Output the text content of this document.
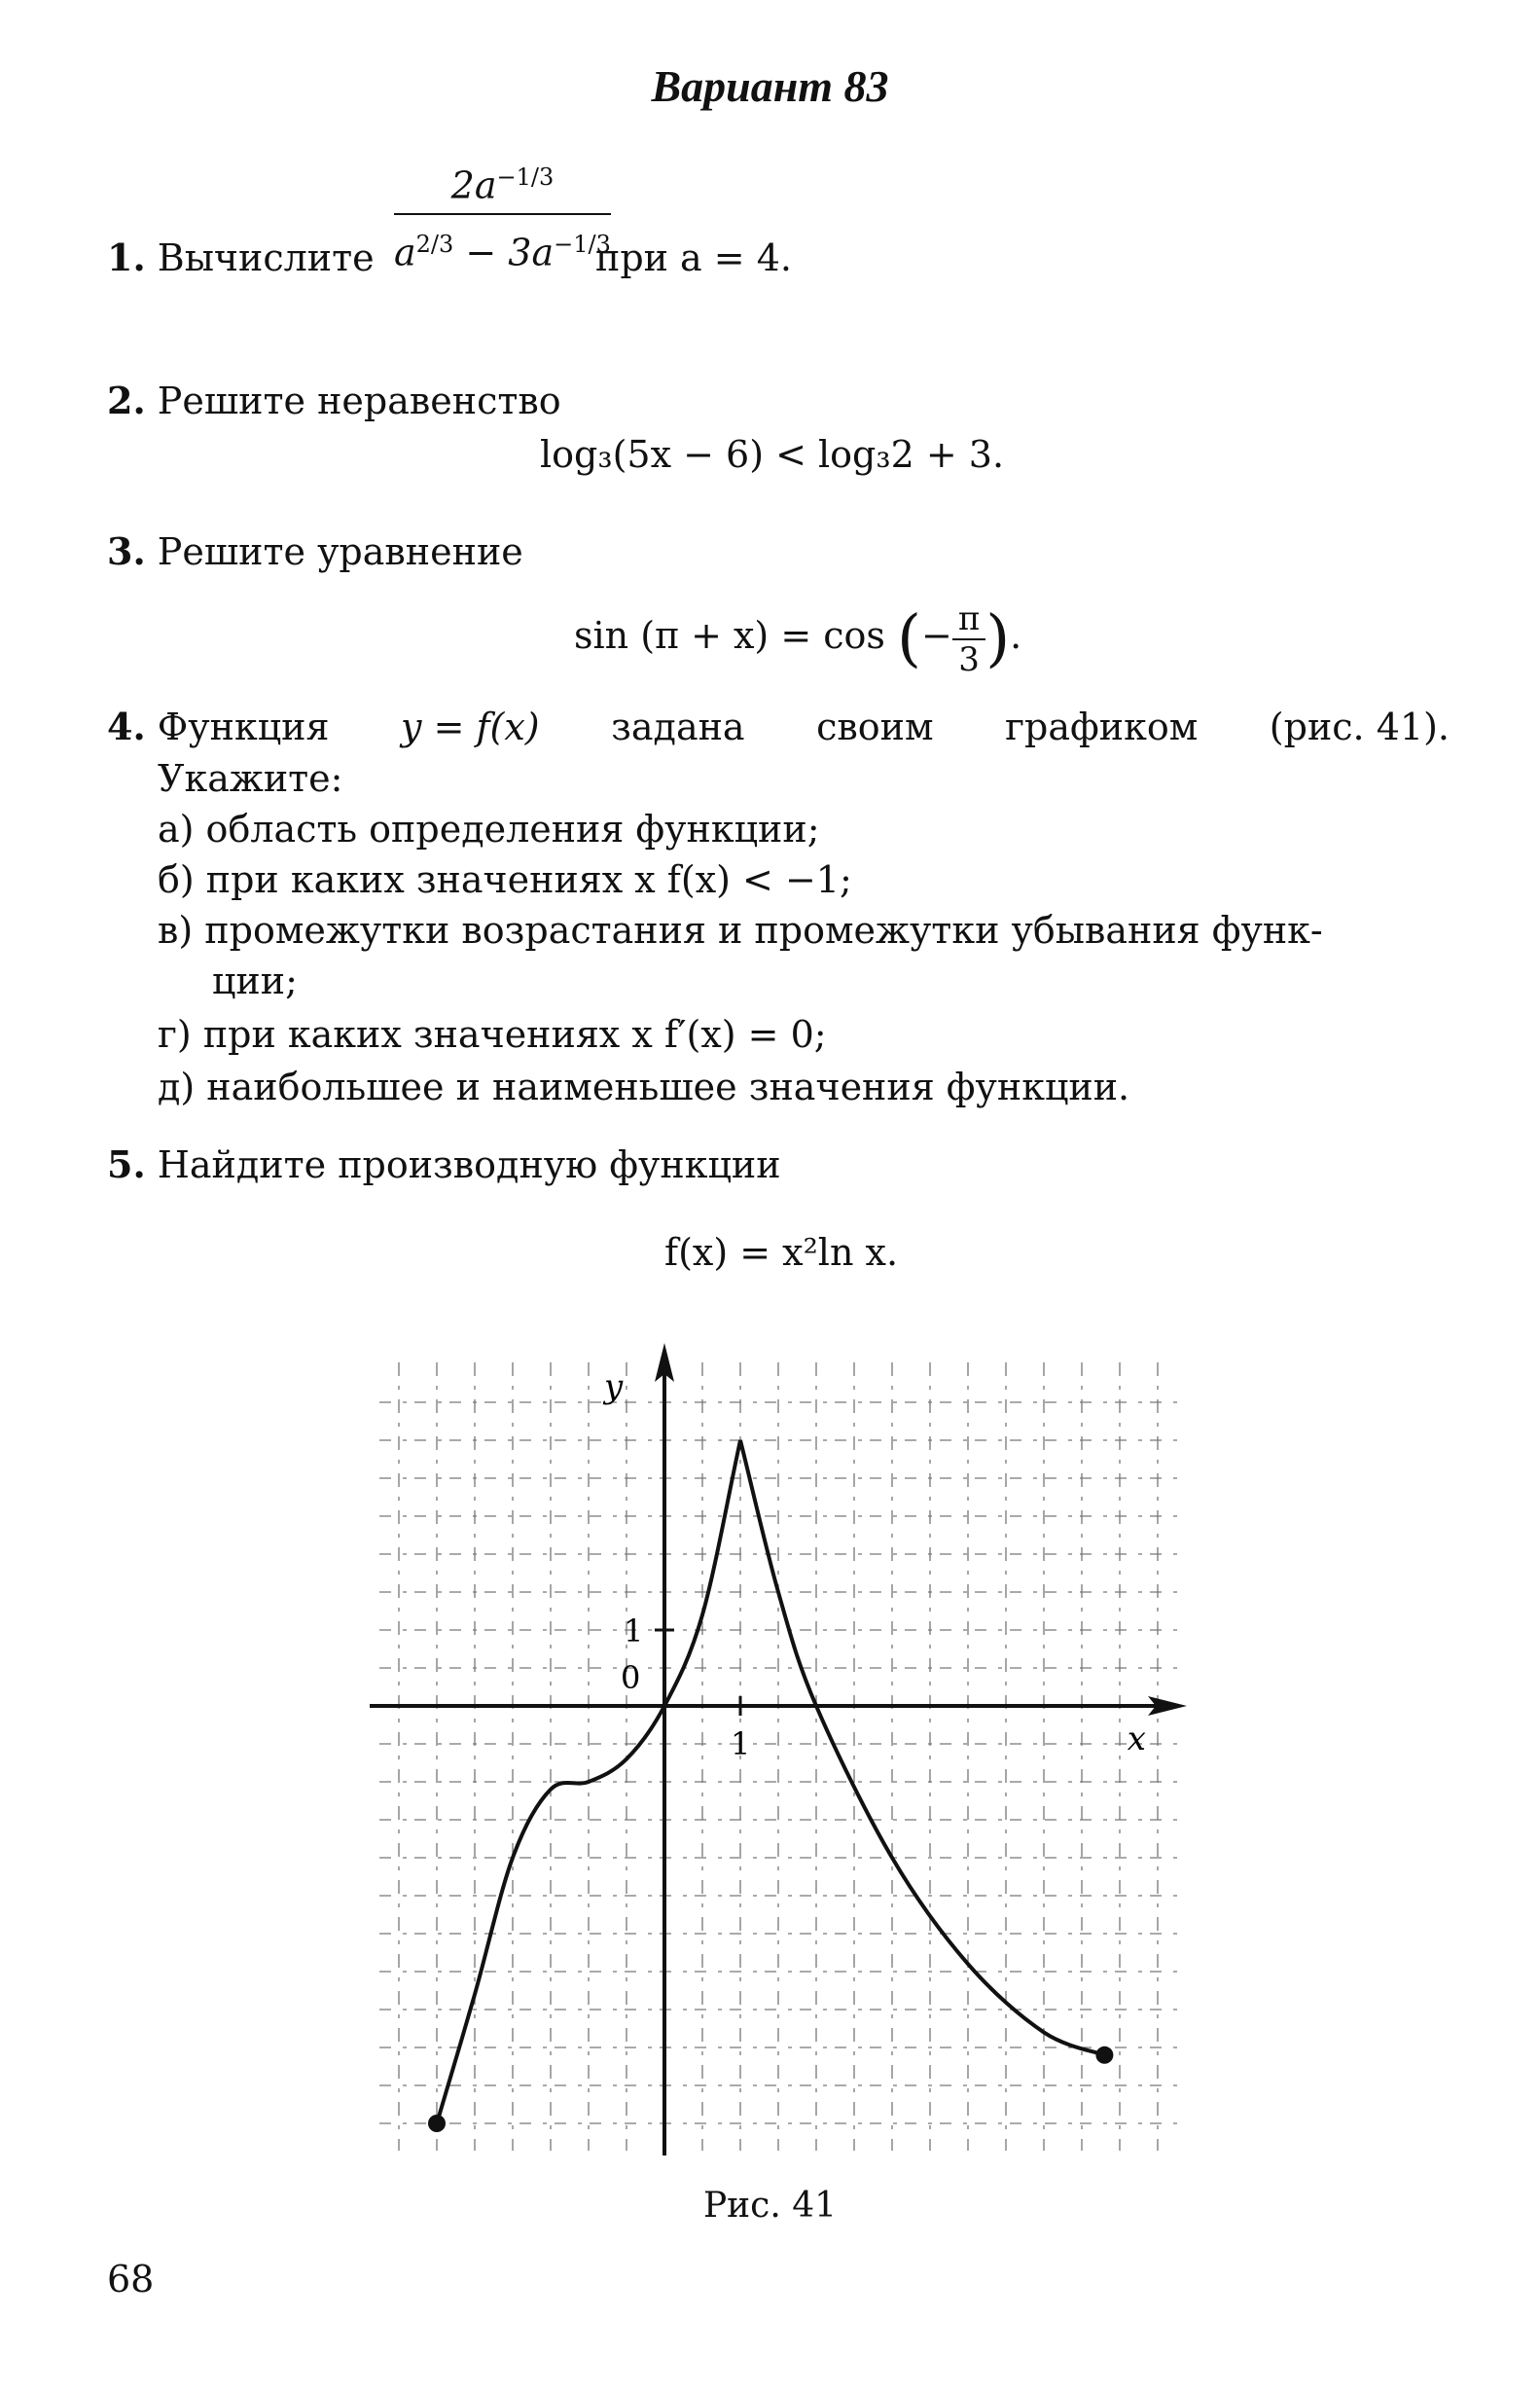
Вариант 83
1. Вычислите $\frac{2a^{-1/3}}{a^{2/3} - 3a^{-1/3}}$
при a = 4.
2. Решите неравенство
log₃(5x − 6) < log₃2 + 3.
3. Решите уравнение
sin (π + x) = cos (− $\frac{\pi}{3}$ ).
4. Функция y = f(x) задана своим графиком (рис. 41).
Укажите:
а) область определения функции;
б) при каких значениях x f(x) < −1;
в) промежутки возрастания и промежутки убывания функ-
ции;
г) при каких значениях x f′(x) = 0;
д) наибольшее и наименьшее значения функции.
5. Найдите производную функции
f(x) = x²ln x.
x
y
1
1
0
Рис. 41
68
